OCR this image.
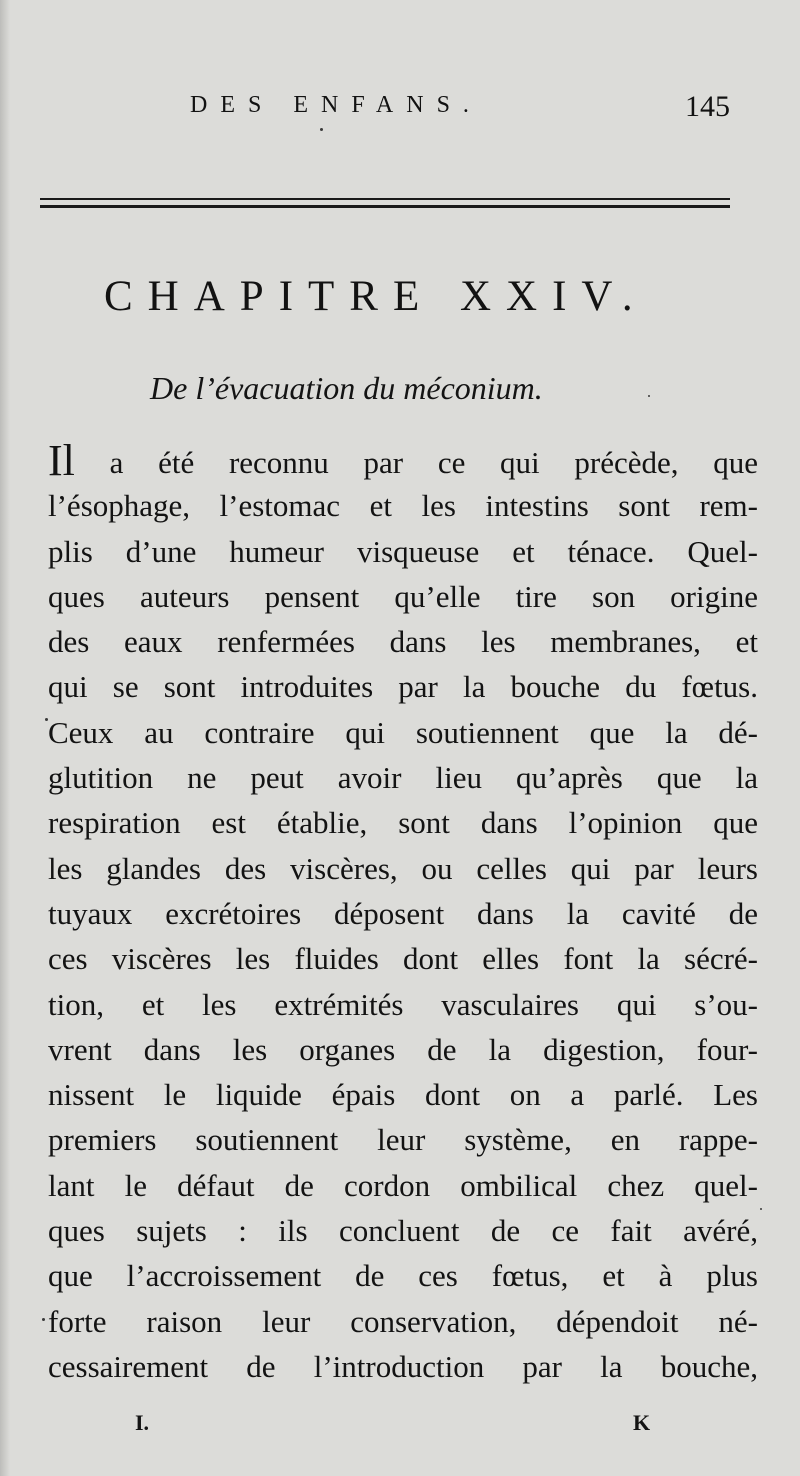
DES ENFANS.	145
CHAPITRE XXIV.
De l’évacuation du méconium.
Il a été reconnu par ce qui précède, que
l’ésophage, l’estomac et les intestins sont rem-
plis d’une humeur visqueuse et ténace. Quel-
ques auteurs pensent qu’elle tire son origine
des eaux renfermées dans les membranes, et
qui se sont introduites par la bouche du fœtus.
Ceux au contraire qui soutiennent que la dé-
glutition ne peut avoir lieu qu’après que la
respiration est établie, sont dans l’opinion que
les glandes des viscères, ou celles qui par leurs
tuyaux excrétoires déposent dans la cavité de
ces viscères les fluides dont elles font la sécré-
tion, et les extrémités vasculaires qui s’ou-
vrent dans les organes de la digestion, four-
nissent le liquide épais dont on a parlé. Les
premiers soutiennent leur système, en rappe-
lant le défaut de cordon ombilical chez quel-
ques sujets : ils concluent de ce fait avéré,
que l’accroissement de ces fœtus, et à plus
forte raison leur conservation, dépendoit né-
cessairement de l’introduction par la bouche,
I.	K
